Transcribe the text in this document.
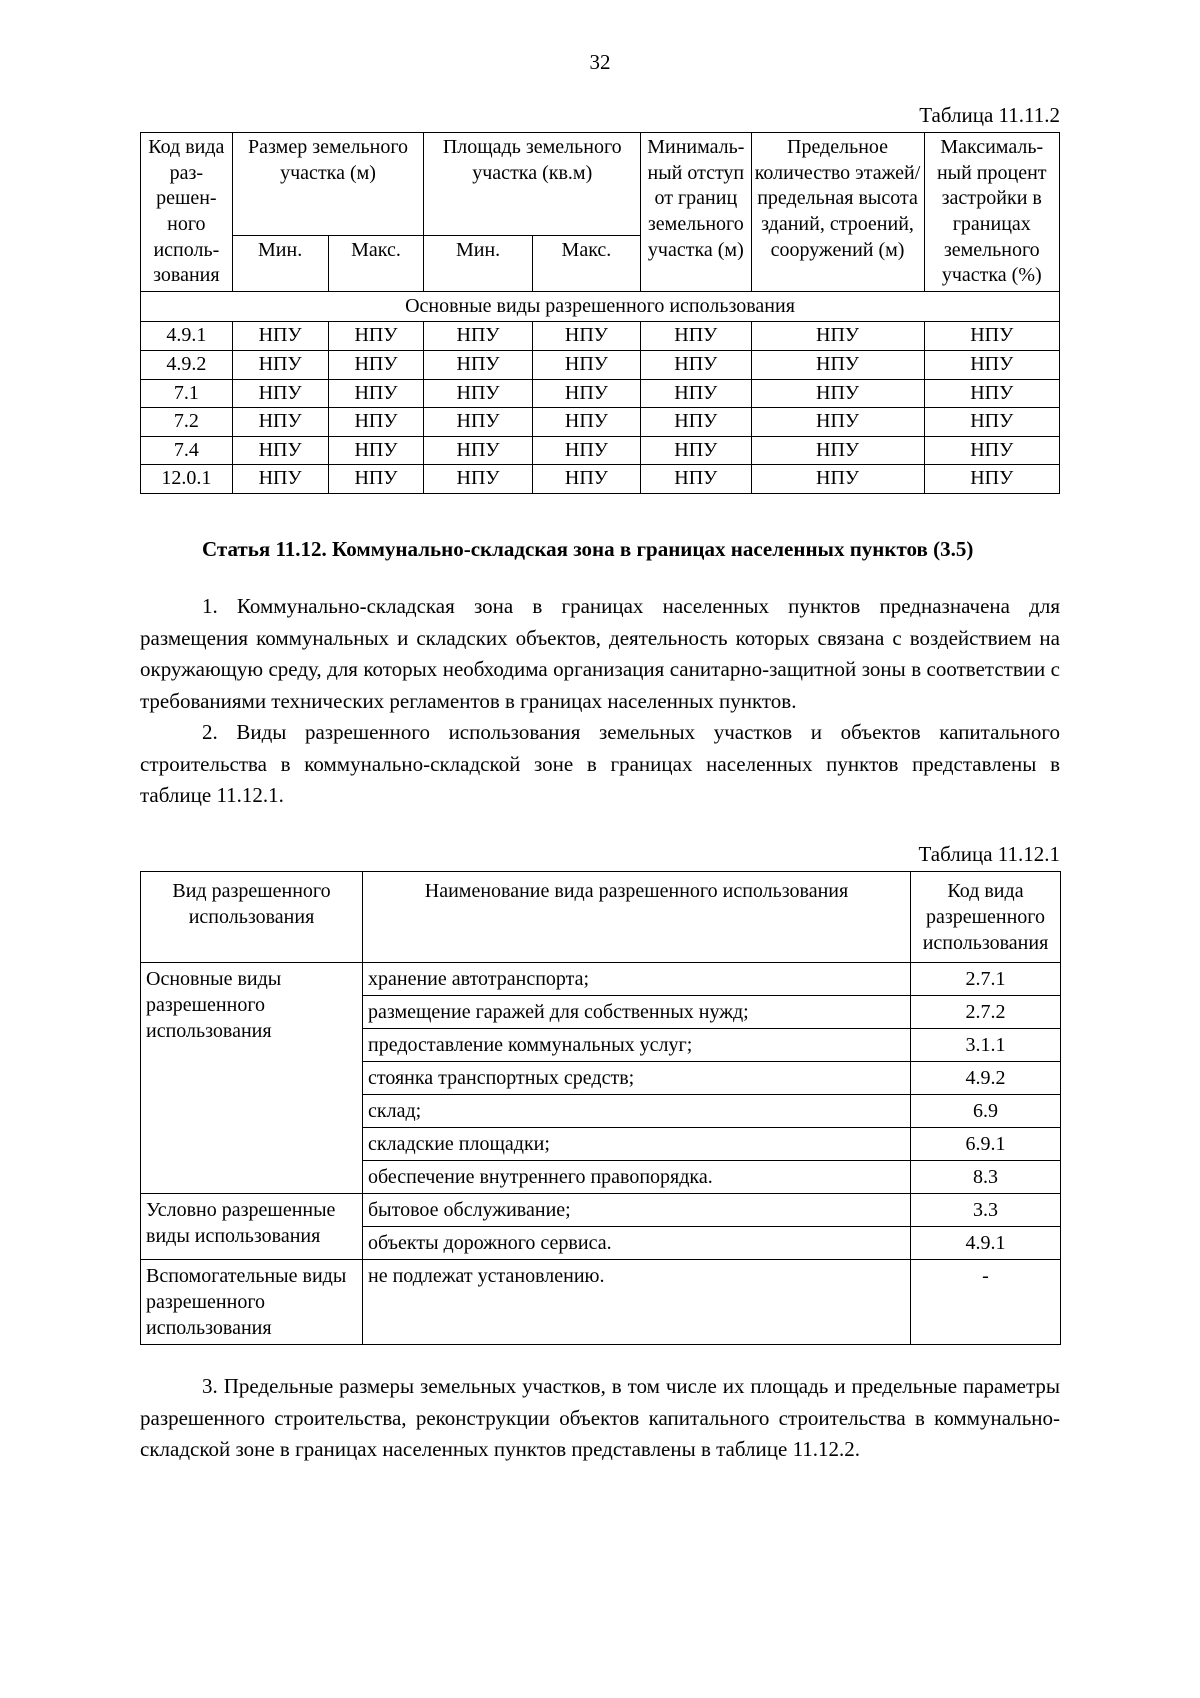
32
Таблица 11.11.2
Код вида раз-решен-ного исполь-зования	Размер земельного участка (м)		Площадь земельного участка (кв.м)		Минималь-ный отступ от границ земельного участка (м)	Предельное количество этажей/ предельная высота зданий, строений, сооружений (м)	Максималь-ный процент застройки в границах земельного участка (%)
	Мин.	Макс.	Мин.	Макс.			
Основные виды разрешенного использования							
4.9.1	НПУ	НПУ	НПУ	НПУ	НПУ	НПУ	НПУ
4.9.2	НПУ	НПУ	НПУ	НПУ	НПУ	НПУ	НПУ
7.1	НПУ	НПУ	НПУ	НПУ	НПУ	НПУ	НПУ
7.2	НПУ	НПУ	НПУ	НПУ	НПУ	НПУ	НПУ
7.4	НПУ	НПУ	НПУ	НПУ	НПУ	НПУ	НПУ
12.0.1	НПУ	НПУ	НПУ	НПУ	НПУ	НПУ	НПУ
Статья 11.12. Коммунально-складская зона в границах населенных пунктов (3.5)

1. Коммунально-складская зона в границах населенных пунктов предназначена для размещения коммунальных и складских объектов, деятельность которых связана с воздействием на окружающую среду, для которых необходима организация санитарно-защитной зоны в соответствии с требованиями технических регламентов в границах населенных пунктов.

2. Виды разрешенного использования земельных участков и объектов капитального строительства в коммунально-складской зоне в границах населенных пунктов представлены в таблице 11.12.1.

Таблица 11.12.1
Вид разрешенного использования	Наименование вида разрешенного использования	Код вида разрешенного использования
Основные виды разрешенного использования	хранение автотранспорта;	2.7.1
	размещение гаражей для собственных нужд;	2.7.2
	предоставление коммунальных услуг;	3.1.1
	стоянка транспортных средств;	4.9.2
	склад;	6.9
	складские площадки;	6.9.1
	обеспечение внутреннего правопорядка.	8.3
Условно разрешенные виды использования	бытовое обслуживание;	3.3
	объекты дорожного сервиса.	4.9.1
Вспомогательные виды разрешенного использования	не подлежат установлению.	-

3. Предельные размеры земельных участков, в том числе их площадь и предельные параметры разрешенного строительства, реконструкции объектов капитального строительства в коммунально-складской зоне в границах населенных пунктов представлены в таблице 11.12.2.
